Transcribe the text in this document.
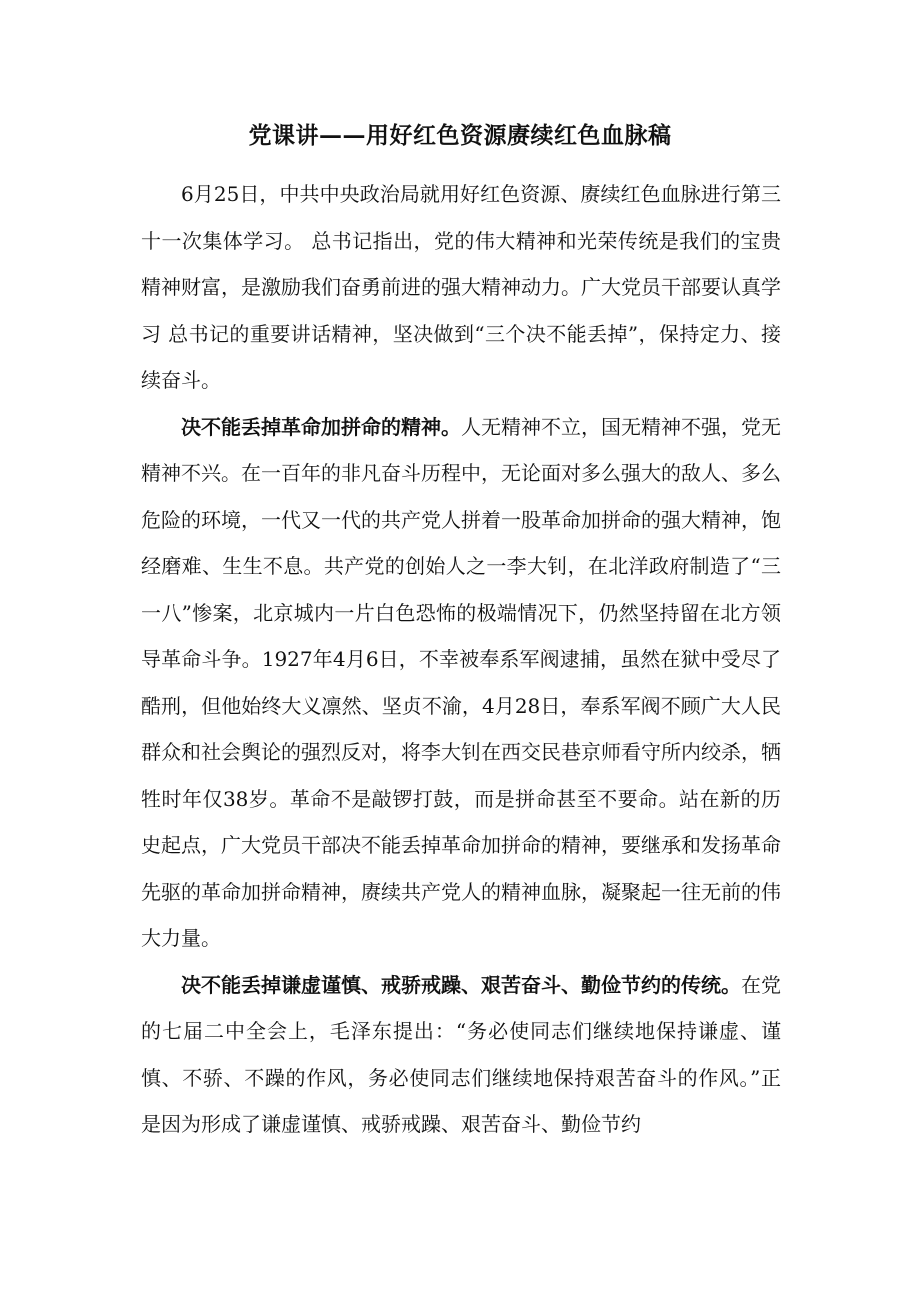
党课讲——用好红色资源赓续红色血脉稿

6月25日，中共中央政治局就用好红色资源、赓续红色血脉进行第三十一次集体学习。 总书记指出，党的伟大精神和光荣传统是我们的宝贵精神财富，是激励我们奋勇前进的强大精神动力。广大党员干部要认真学习 总书记的重要讲话精神，坚决做到“三个决不能丢掉”，保持定力、接续奋斗。

决不能丢掉革命加拼命的精神。人无精神不立，国无精神不强，党无精神不兴。在一百年的非凡奋斗历程中，无论面对多么强大的敌人、多么危险的环境，一代又一代的共产党人拼着一股革命加拼命的强大精神，饱经磨难、生生不息。共产党的创始人之一李大钊，在北洋政府制造了“三一八”惨案，北京城内一片白色恐怖的极端情况下，仍然坚持留在北方领导革命斗争。1927年4月6日，不幸被奉系军阀逮捕，虽然在狱中受尽了酷刑，但他始终大义凛然、坚贞不渝，4月28日，奉系军阀不顾广大人民群众和社会舆论的强烈反对，将李大钊在西交民巷京师看守所内绞杀，牺牲时年仅38岁。革命不是敲锣打鼓，而是拼命甚至不要命。站在新的历史起点，广大党员干部决不能丢掉革命加拼命的精神，要继承和发扬革命先驱的革命加拼命精神，赓续共产党人的精神血脉，凝聚起一往无前的伟大力量。

决不能丢掉谦虚谨慎、戒骄戒躁、艰苦奋斗、勤俭节约的传统。在党的七届二中全会上，毛泽东提出：“务必使同志们继续地保持谦虚、谨慎、不骄、不躁的作风，务必使同志们继续地保持艰苦奋斗的作风。”正是因为形成了谦虚谨慎、戒骄戒躁、艰苦奋斗、勤俭节约
